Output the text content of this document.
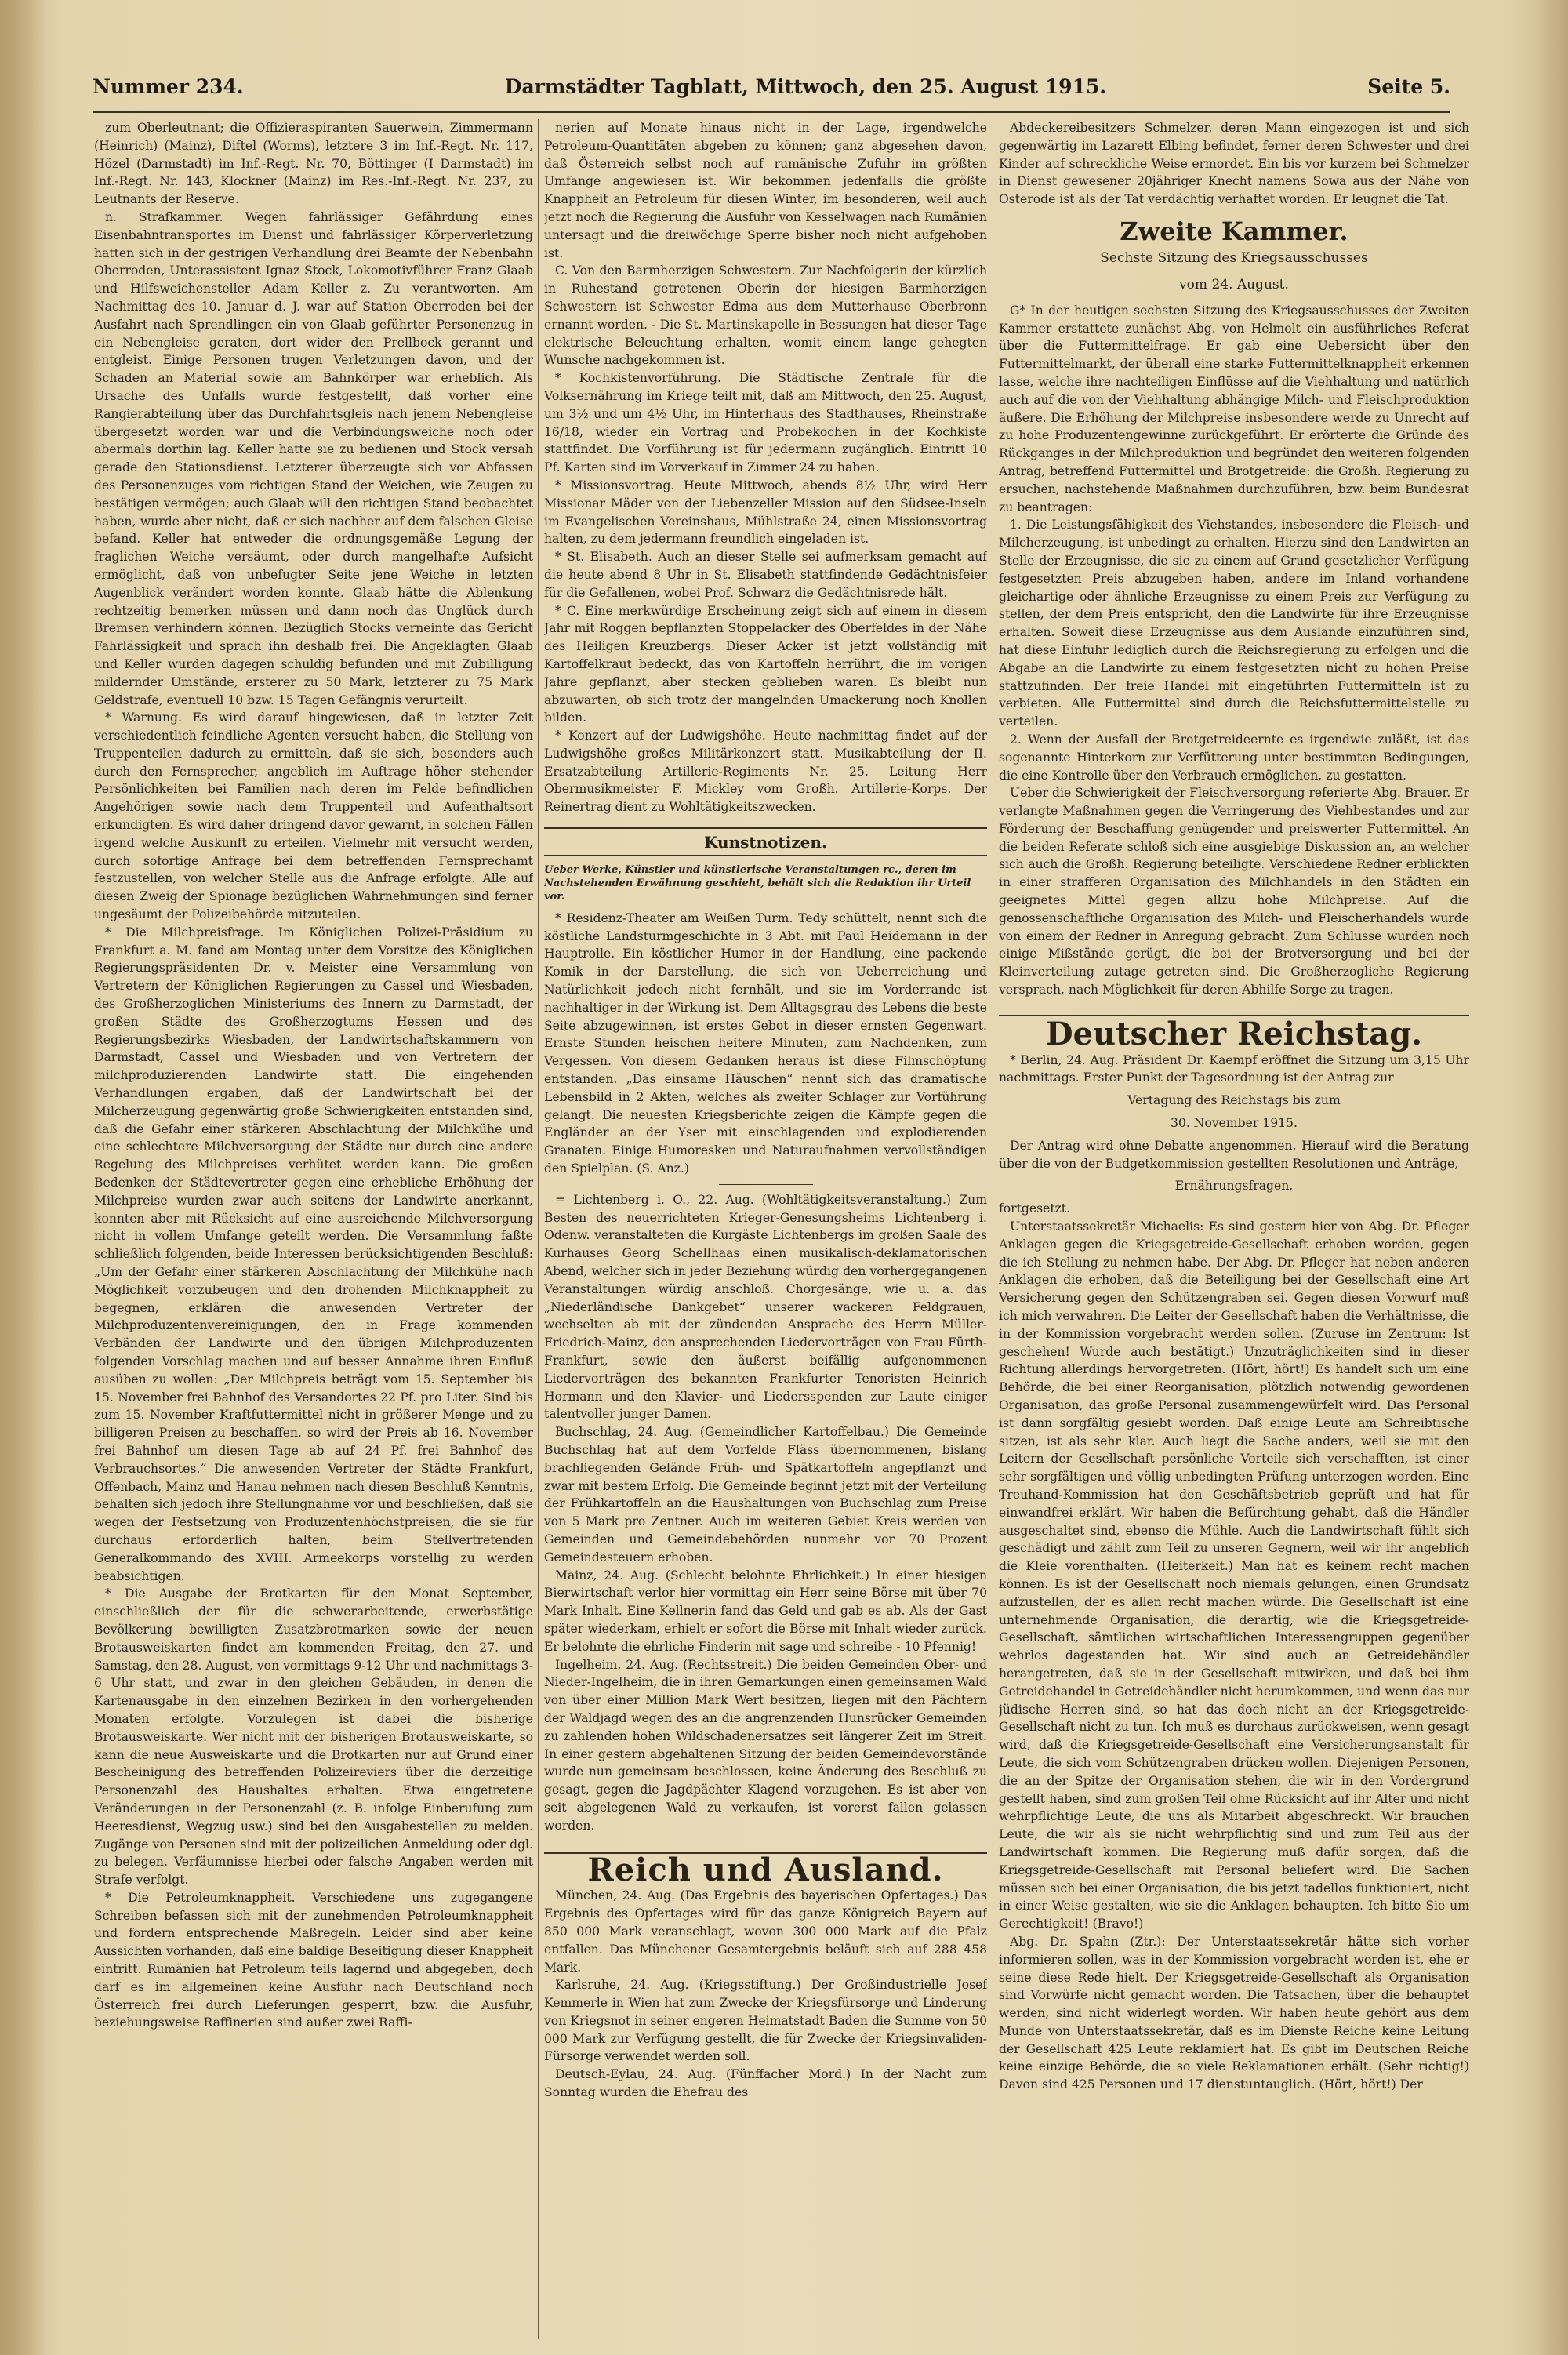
Nummer 234.	Darmstädter Tagblatt, Mittwoch, den 25. August 1915.	Seite 5.

zum Oberleutnant; die Offizieraspiranten Sauerwein, Zimmermann (Heinrich) (Mainz), Diftel (Worms), letztere 3 im Inf.-Regt. Nr. 117, Hözel (Darmstadt) im Inf.-Regt. Nr. 70, Böttinger (I Darmstadt) im Inf.-Regt. Nr. 143, Klockner (Mainz) im Res.-Inf.-Regt. Nr. 237, zu Leutnants der Reserve.

n. Strafkammer. Wegen fahrlässiger Gefährdung eines Eisenbahntransportes im Dienst und fahrlässiger Körperverletzung hatten sich in der gestrigen Verhandlung drei Beamte der Nebenbahn Oberroden, Unterassistent Ignaz Stock, Lokomotivführer Franz Glaab und Hilfsweichensteller Adam Keller z. Zu verantworten. Am Nachmittag des 10. Januar d. J. war auf Station Oberroden bei der Ausfahrt nach Sprendlingen ein von Glaab geführter Personenzug in ein Nebengleise geraten, dort wider den Prellbock gerannt und entgleist. Einige Personen trugen Verletzungen davon, und der Schaden an Material sowie am Bahnkörper war erheblich. Als Ursache des Unfalls wurde festgestellt, daß vorher eine Rangierabteilung über das Durchfahrtsgleis nach jenem Nebengleise übergesetzt worden war und die Verbindungsweiche noch oder abermals dorthin lag. Keller hatte sie zu bedienen und Stock versah gerade den Stationsdienst. Letzterer überzeugte sich vor Abfassen des Personenzuges vom richtigen Stand der Weichen, wie Zeugen zu bestätigen vermögen; auch Glaab will den richtigen Stand beobachtet haben, wurde aber nicht, daß er sich nachher auf dem falschen Gleise befand. Keller hat entweder die ordnungsgemäße Legung der fraglichen Weiche versäumt, oder durch mangelhafte Aufsicht ermöglicht, daß von unbefugter Seite jene Weiche in letzten Augenblick verändert worden konnte. Glaab hätte die Ablenkung rechtzeitig bemerken müssen und dann noch das Unglück durch Bremsen verhindern können. Bezüglich Stocks verneinte das Gericht Fahrlässigkeit und sprach ihn deshalb frei. Die Angeklagten Glaab und Keller wurden dagegen schuldig befunden und mit Zubilligung mildernder Umstände, ersterer zu 50 Mark, letzterer zu 75 Mark Geldstrafe, eventuell 10 bzw. 15 Tagen Gefängnis verurteilt.

* Warnung. Es wird darauf hingewiesen, daß in letzter Zeit verschiedentlich feindliche Agenten versucht haben, die Stellung von Truppenteilen dadurch zu ermitteln, daß sie sich, besonders auch durch den Fernsprecher, angeblich im Auftrage höher stehender Persönlichkeiten bei Familien nach deren im Felde befindlichen Angehörigen sowie nach dem Truppenteil und Aufenthaltsort erkundigten. Es wird daher dringend davor gewarnt, in solchen Fällen irgend welche Auskunft zu erteilen. Vielmehr mit versucht werden, durch sofortige Anfrage bei dem betreffenden Fernsprechamt festzustellen, von welcher Stelle aus die Anfrage erfolgte. Alle auf diesen Zweig der Spionage bezüglichen Wahrnehmungen sind ferner ungesäumt der Polizeibehörde mitzuteilen.

* Die Milchpreisfrage. Im Königlichen Polizei-Präsidium zu Frankfurt a. M. fand am Montag unter dem Vorsitze des Königlichen Regierungspräsidenten Dr. v. Meister eine Versammlung von Vertretern der Königlichen Regierungen zu Cassel und Wiesbaden, des Großherzoglichen Ministeriums des Innern zu Darmstadt, der großen Städte des Großherzogtums Hessen und des Regierungsbezirks Wiesbaden, der Landwirtschaftskammern von Darmstadt, Cassel und Wiesbaden und von Vertretern der milchproduzierenden Landwirte statt. Die eingehenden Verhandlungen ergaben, daß der Landwirtschaft bei der Milcherzeugung gegenwärtig große Schwierigkeiten entstanden sind, daß die Gefahr einer stärkeren Abschlachtung der Milchkühe und eine schlechtere Milchversorgung der Städte nur durch eine andere Regelung des Milchpreises verhütet werden kann. Die großen Bedenken der Städtevertreter gegen eine erhebliche Erhöhung der Milchpreise wurden zwar auch seitens der Landwirte anerkannt, konnten aber mit Rücksicht auf eine ausreichende Milchversorgung nicht in vollem Umfange geteilt werden. Die Versammlung faßte schließlich folgenden, beide Interessen berücksichtigenden Beschluß: „Um der Gefahr einer stärkeren Abschlachtung der Milchkühe nach Möglichkeit vorzubeugen und den drohenden Milchknappheit zu begegnen, erklären die anwesenden Vertreter der Milchproduzentenvereinigungen, den in Frage kommenden Verbänden der Landwirte und den übrigen Milchproduzenten folgenden Vorschlag machen und auf besser Annahme ihren Einfluß ausüben zu wollen: „Der Milchpreis beträgt vom 15. September bis 15. November frei Bahnhof des Versandortes 22 Pf. pro Liter. Sind bis zum 15. November Kraftfuttermittel nicht in größerer Menge und zu billigeren Preisen zu beschaffen, so wird der Preis ab 16. November frei Bahnhof um diesen Tage ab auf 24 Pf. frei Bahnhof des Verbrauchsortes.“ Die anwesenden Vertreter der Städte Frankfurt, Offenbach, Mainz und Hanau nehmen nach diesen Beschluß Kenntnis, behalten sich jedoch ihre Stellungnahme vor und beschließen, daß sie wegen der Festsetzung von Produzentenhöchstpreisen, die sie für durchaus erforderlich halten, beim Stellvertretenden Generalkommando des XVIII. Armeekorps vorstellig zu werden beabsichtigen.

* Die Ausgabe der Brotkarten für den Monat September, einschließlich der für die schwerarbeitende, erwerbstätige Bevölkerung bewilligten Zusatzbrotmarken sowie der neuen Brotausweiskarten findet am kommenden Freitag, den 27. und Samstag, den 28. August, von vormittags 9-12 Uhr und nachmittags 3-6 Uhr statt, und zwar in den gleichen Gebäuden, in denen die Kartenausgabe in den einzelnen Bezirken in den vorhergehenden Monaten erfolgte. Vorzulegen ist dabei die bisherige Brotausweiskarte. Wer nicht mit der bisherigen Brotausweiskarte, so kann die neue Ausweiskarte und die Brotkarten nur auf Grund einer Bescheinigung des betreffenden Polizeireviers über die derzeitige Personenzahl des Haushaltes erhalten. Etwa eingetretene Veränderungen in der Personenzahl (z. B. infolge Einberufung zum Heeresdienst, Wegzug usw.) sind bei den Ausgabestellen zu melden. Zugänge von Personen sind mit der polizeilichen Anmeldung oder dgl. zu belegen. Verfäumnisse hierbei oder falsche Angaben werden mit Strafe verfolgt.

* Die Petroleumknappheit. Verschiedene uns zugegangene Schreiben befassen sich mit der zunehmenden Petroleumknappheit und fordern entsprechende Maßregeln. Leider sind aber keine Aussichten vorhanden, daß eine baldige Beseitigung dieser Knappheit eintritt. Rumänien hat Petroleum teils lagernd und abgegeben, doch darf es im allgemeinen keine Ausfuhr nach Deutschland noch Österreich frei durch Lieferungen gesperrt, bzw. die Ausfuhr, beziehungsweise Raffinerien sind außer zwei Raffi-

nerien auf Monate hinaus nicht in der Lage, irgendwelche Petroleum-Quantitäten abgeben zu können; ganz abgesehen davon, daß Österreich selbst noch auf rumänische Zufuhr im größten Umfange angewiesen ist. Wir bekommen jedenfalls die größte Knappheit an Petroleum für diesen Winter, im besonderen, weil auch jetzt noch die Regierung die Ausfuhr von Kesselwagen nach Rumänien untersagt und die dreiwöchige Sperre bisher noch nicht aufgehoben ist.

C. Von den Barmherzigen Schwestern. Zur Nachfolgerin der kürzlich in Ruhestand getretenen Oberin der hiesigen Barmherzigen Schwestern ist Schwester Edma aus dem Mutterhause Oberbronn ernannt worden. - Die St. Martinskapelle in Bessungen hat dieser Tage elektrische Beleuchtung erhalten, womit einem lange gehegten Wunsche nachgekommen ist.

* Kochkistenvorführung. Die Städtische Zentrale für die Volksernährung im Kriege teilt mit, daß am Mittwoch, den 25. August, um 3½ und um 4½ Uhr, im Hinterhaus des Stadthauses, Rheinstraße 16/18, wieder ein Vortrag und Probekochen in der Kochkiste stattfindet. Die Vorführung ist für jedermann zugänglich. Eintritt 10 Pf. Karten sind im Vorverkauf in Zimmer 24 zu haben.

* Missionsvortrag. Heute Mittwoch, abends 8½ Uhr, wird Herr Missionar Mäder von der Liebenzeller Mission auf den Südsee-Inseln im Evangelischen Vereinshaus, Mühlstraße 24, einen Missionsvortrag halten, zu dem jedermann freundlich eingeladen ist.

* St. Elisabeth. Auch an dieser Stelle sei aufmerksam gemacht auf die heute abend 8 Uhr in St. Elisabeth stattfindende Gedächtnisfeier für die Gefallenen, wobei Prof. Schwarz die Gedächtnisrede hält.

* C. Eine merkwürdige Erscheinung zeigt sich auf einem in diesem Jahr mit Roggen bepflanzten Stoppelacker des Oberfeldes in der Nähe des Heiligen Kreuzbergs. Dieser Acker ist jetzt vollständig mit Kartoffelkraut bedeckt, das von Kartoffeln herrührt, die im vorigen Jahre gepflanzt, aber stecken geblieben waren. Es bleibt nun abzuwarten, ob sich trotz der mangelnden Umackerung noch Knollen bilden.

* Konzert auf der Ludwigshöhe. Heute nachmittag findet auf der Ludwigshöhe großes Militärkonzert statt. Musikabteilung der II. Ersatzabteilung Artillerie-Regiments Nr. 25. Leitung Herr Obermusikmeister F. Mickley vom Großh. Artillerie-Korps. Der Reinertrag dient zu Wohltätigkeitszwecken.

Kunstnotizen.

Ueber Werke, Künstler und künstlerische Veranstaltungen rc., deren im Nachstehenden Erwähnung geschieht, behält sich die Redaktion ihr Urteil vor.

* Residenz-Theater am Weißen Turm. Tedy schüttelt, nennt sich die köstliche Landsturmgeschichte in 3 Abt. mit Paul Heidemann in der Hauptrolle. Ein köstlicher Humor in der Handlung, eine packende Komik in der Darstellung, die sich von Ueberreichung und Natürlichkeit jedoch nicht fernhält, und sie im Vorderrande ist nachhaltiger in der Wirkung ist. Dem Alltagsgrau des Lebens die beste Seite abzugewinnen, ist erstes Gebot in dieser ernsten Gegenwart. Ernste Stunden heischen heitere Minuten, zum Nachdenken, zum Vergessen. Von diesem Gedanken heraus ist diese Filmschöpfung entstanden. „Das einsame Häuschen“ nennt sich das dramatische Lebensbild in 2 Akten, welches als zweiter Schlager zur Vorführung gelangt. Die neuesten Kriegsberichte zeigen die Kämpfe gegen die Engländer an der Yser mit einschlagenden und explodierenden Granaten. Einige Humoresken und Naturaufnahmen vervollständigen den Spielplan. (S. Anz.)

= Lichtenberg i. O., 22. Aug. (Wohltätigkeitsveranstaltung.) Zum Besten des neuerrichteten Krieger-Genesungsheims Lichtenberg i. Odenw. veranstalteten die Kurgäste Lichtenbergs im großen Saale des Kurhauses Georg Schellhaas einen musikalisch-deklamatorischen Abend, welcher sich in jeder Beziehung würdig den vorhergegangenen Veranstaltungen würdig anschloß. Chorgesänge, wie u. a. das „Niederländische Dankgebet“ unserer wackeren Feldgrauen, wechselten ab mit der zündenden Ansprache des Herrn Müller-Friedrich-Mainz, den ansprechenden Liedervorträgen von Frau Fürth-Frankfurt, sowie den äußerst beifällig aufgenommenen Liedervorträgen des bekannten Frankfurter Tenoristen Heinrich Hormann und den Klavier- und Liedersspenden zur Laute einiger talentvoller junger Damen.

Buchschlag, 24. Aug. (Gemeindlicher Kartoffelbau.) Die Gemeinde Buchschlag hat auf dem Vorfelde Fläss übernommenen, bislang brachliegenden Gelände Früh- und Spätkartoffeln angepflanzt und zwar mit bestem Erfolg. Die Gemeinde beginnt jetzt mit der Verteilung der Frühkartoffeln an die Haushaltungen von Buchschlag zum Preise von 5 Mark pro Zentner. Auch im weiteren Gebiet Kreis werden von Gemeinden und Gemeindebehörden nunmehr vor 70 Prozent Gemeindesteuern erhoben.

Mainz, 24. Aug. (Schlecht belohnte Ehrlichkeit.) In einer hiesigen Bierwirtschaft verlor hier vormittag ein Herr seine Börse mit über 70 Mark Inhalt. Eine Kellnerin fand das Geld und gab es ab. Als der Gast später wiederkam, erhielt er sofort die Börse mit Inhalt wieder zurück. Er belohnte die ehrliche Finderin mit sage und schreibe - 10 Pfennig!

Ingelheim, 24. Aug. (Rechtsstreit.) Die beiden Gemeinden Ober- und Nieder-Ingelheim, die in ihren Gemarkungen einen gemeinsamen Wald von über einer Million Mark Wert besitzen, liegen mit den Pächtern der Waldjagd wegen des an die angrenzenden Hunsrücker Gemeinden zu zahlenden hohen Wildschadenersatzes seit längerer Zeit im Streit. In einer gestern abgehaltenen Sitzung der beiden Gemeindevorstände wurde nun gemeinsam beschlossen, keine Änderung des Beschluß zu gesagt, gegen die Jagdpächter Klagend vorzugehen. Es ist aber von seit abgelegenen Wald zu verkaufen, ist vorerst fallen gelassen worden.

Reich und Ausland.

München, 24. Aug. (Das Ergebnis des bayerischen Opfertages.) Das Ergebnis des Opfertages wird für das ganze Königreich Bayern auf 850 000 Mark veranschlagt, wovon 300 000 Mark auf die Pfalz entfallen. Das Münchener Gesamtergebnis beläuft sich auf 288 458 Mark.

Karlsruhe, 24. Aug. (Kriegsstiftung.) Der Großindustrielle Josef Kemmerle in Wien hat zum Zwecke der Kriegsfürsorge und Linderung von Kriegsnot in seiner engeren Heimatstadt Baden die Summe von 50 000 Mark zur Verfügung gestellt, die für Zwecke der Kriegsinvaliden-Fürsorge verwendet werden soll.

Deutsch-Eylau, 24. Aug. (Fünffacher Mord.) In der Nacht zum Sonntag wurden die Ehefrau des

Abdeckereibesitzers Schmelzer, deren Mann eingezogen ist und sich gegenwärtig im Lazarett Elbing befindet, ferner deren Schwester und drei Kinder auf schreckliche Weise ermordet. Ein bis vor kurzem bei Schmelzer in Dienst gewesener 20jähriger Knecht namens Sowa aus der Nähe von Osterode ist als der Tat verdächtig verhaftet worden. Er leugnet die Tat.

Zweite Kammer.
Sechste Sitzung des Kriegsausschusses
vom 24. August.

G* In der heutigen sechsten Sitzung des Kriegsausschusses der Zweiten Kammer erstattete zunächst Abg. von Helmolt ein ausführliches Referat über die Futtermittelfrage. Er gab eine Uebersicht über den Futtermittelmarkt, der überall eine starke Futtermittelknappheit erkennen lasse, welche ihre nachteiligen Einflüsse auf die Viehhaltung und natürlich auch auf die von der Viehhaltung abhängige Milch- und Fleischproduktion äußere. Die Erhöhung der Milchpreise insbesondere werde zu Unrecht auf zu hohe Produzentengewinne zurückgeführt. Er erörterte die Gründe des Rückganges in der Milchproduktion und begründet den weiteren folgenden Antrag, betreffend Futtermittel und Brotgetreide: die Großh. Regierung zu ersuchen, nachstehende Maßnahmen durchzuführen, bzw. beim Bundesrat zu beantragen:

1. Die Leistungsfähigkeit des Viehstandes, insbesondere die Fleisch- und Milcherzeugung, ist unbedingt zu erhalten. Hierzu sind den Landwirten an Stelle der Erzeugnisse, die sie zu einem auf Grund gesetzlicher Verfügung festgesetzten Preis abzugeben haben, andere im Inland vorhandene gleichartige oder ähnliche Erzeugnisse zu einem Preis zur Verfügung zu stellen, der dem Preis entspricht, den die Landwirte für ihre Erzeugnisse erhalten. Soweit diese Erzeugnisse aus dem Auslande einzuführen sind, hat diese Einfuhr lediglich durch die Reichsregierung zu erfolgen und die Abgabe an die Landwirte zu einem festgesetzten nicht zu hohen Preise stattzufinden. Der freie Handel mit eingeführten Futtermitteln ist zu verbieten. Alle Futtermittel sind durch die Reichsfuttermittelstelle zu verteilen.

2. Wenn der Ausfall der Brotgetreideernte es irgendwie zuläßt, ist das sogenannte Hinterkorn zur Verfütterung unter bestimmten Bedingungen, die eine Kontrolle über den Verbrauch ermöglichen, zu gestatten.

Ueber die Schwierigkeit der Fleischversorgung referierte Abg. Brauer. Er verlangte Maßnahmen gegen die Verringerung des Viehbestandes und zur Förderung der Beschaffung genügender und preiswerter Futtermittel. An die beiden Referate schloß sich eine ausgiebige Diskussion an, an welcher sich auch die Großh. Regierung beteiligte. Verschiedene Redner erblickten in einer strafferen Organisation des Milchhandels in den Städten ein geeignetes Mittel gegen allzu hohe Milchpreise. Auf die genossenschaftliche Organisation des Milch- und Fleischerhandels wurde von einem der Redner in Anregung gebracht. Zum Schlusse wurden noch einige Mißstände gerügt, die bei der Brotversorgung und bei der Kleinverteilung zutage getreten sind. Die Großherzogliche Regierung versprach, nach Möglichkeit für deren Abhilfe Sorge zu tragen.

Deutscher Reichstag.

* Berlin, 24. Aug. Präsident Dr. Kaempf eröffnet die Sitzung um 3,15 Uhr nachmittags. Erster Punkt der Tagesordnung ist der Antrag zur

Vertagung des Reichstags bis zum

30. November 1915.

Der Antrag wird ohne Debatte angenommen. Hierauf wird die Beratung über die von der Budgetkommission gestellten Resolutionen und Anträge,

Ernährungsfragen,

fortgesetzt.

Unterstaatssekretär Michaelis: Es sind gestern hier von Abg. Dr. Pfleger Anklagen gegen die Kriegsgetreide-Gesellschaft erhoben worden, gegen die ich Stellung zu nehmen habe. Der Abg. Dr. Pfleger hat neben anderen Anklagen die erhoben, daß die Beteiligung bei der Gesellschaft eine Art Versicherung gegen den Schützengraben sei. Gegen diesen Vorwurf muß ich mich verwahren. Die Leiter der Gesellschaft haben die Verhältnisse, die in der Kommission vorgebracht werden sollen. (Zuruse im Zentrum: Ist geschehen! Wurde auch bestätigt.) Unzuträglichkeiten sind in dieser Richtung allerdings hervorgetreten. (Hört, hört!) Es handelt sich um eine Behörde, die bei einer Reorganisation, plötzlich notwendig gewordenen Organisation, das große Personal zusammengewürfelt wird. Das Personal ist dann sorgfältig gesiebt worden. Daß einige Leute am Schreibtische sitzen, ist als sehr klar. Auch liegt die Sache anders, weil sie mit den Leitern der Gesellschaft persönliche Vorteile sich verschafften, ist einer sehr sorgfältigen und völlig unbedingten Prüfung unterzogen worden. Eine Treuhand-Kommission hat den Geschäftsbetrieb geprüft und hat für einwandfrei erklärt. Wir haben die Befürchtung gehabt, daß die Händler ausgeschaltet sind, ebenso die Mühle. Auch die Landwirtschaft fühlt sich geschädigt und zählt zum Teil zu unseren Gegnern, weil wir ihr angeblich die Kleie vorenthalten. (Heiterkeit.) Man hat es keinem recht machen können. Es ist der Gesellschaft noch niemals gelungen, einen Grundsatz aufzustellen, der es allen recht machen würde. Die Gesellschaft ist eine unternehmende Organisation, die derartig, wie die Kriegsgetreide-Gesellschaft, sämtlichen wirtschaftlichen Interessengruppen gegenüber wehrlos dagestanden hat. Wir sind auch an Getreidehändler herangetreten, daß sie in der Gesellschaft mitwirken, und daß bei ihm Getreidehandel in Getreidehändler nicht herumkommen, und wenn das nur jüdische Herren sind, so hat das doch nicht an der Kriegsgetreide-Gesellschaft nicht zu tun. Ich muß es durchaus zurückweisen, wenn gesagt wird, daß die Kriegsgetreide-Gesellschaft eine Versicherungsanstalt für Leute, die sich vom Schützengraben drücken wollen. Diejenigen Personen, die an der Spitze der Organisation stehen, die wir in den Vordergrund gestellt haben, sind zum großen Teil ohne Rücksicht auf ihr Alter und nicht wehrpflichtige Leute, die uns als Mitarbeit abgeschreckt. Wir brauchen Leute, die wir als sie nicht wehrpflichtig sind und zum Teil aus der Landwirtschaft kommen. Die Regierung muß dafür sorgen, daß die Kriegsgetreide-Gesellschaft mit Personal beliefert wird. Die Sachen müssen sich bei einer Organisation, die bis jetzt tadellos funktioniert, nicht in einer Weise gestalten, wie sie die Anklagen behaupten. Ich bitte Sie um Gerechtigkeit! (Bravo!)

Abg. Dr. Spahn (Ztr.): Der Unterstaatssekretär hätte sich vorher informieren sollen, was in der Kommission vorgebracht worden ist, ehe er seine diese Rede hielt. Der Kriegsgetreide-Gesellschaft als Organisation sind Vorwürfe nicht gemacht worden. Die Tatsachen, über die behauptet werden, sind nicht widerlegt worden. Wir haben heute gehört aus dem Munde von Unterstaatssekretär, daß es im Dienste Reiche keine Leitung der Gesellschaft 425 Leute reklamiert hat. Es gibt im Deutschen Reiche keine einzige Behörde, die so viele Reklamationen erhält. (Sehr richtig!) Davon sind 425 Personen und 17 dienstuntauglich. (Hört, hört!) Der
